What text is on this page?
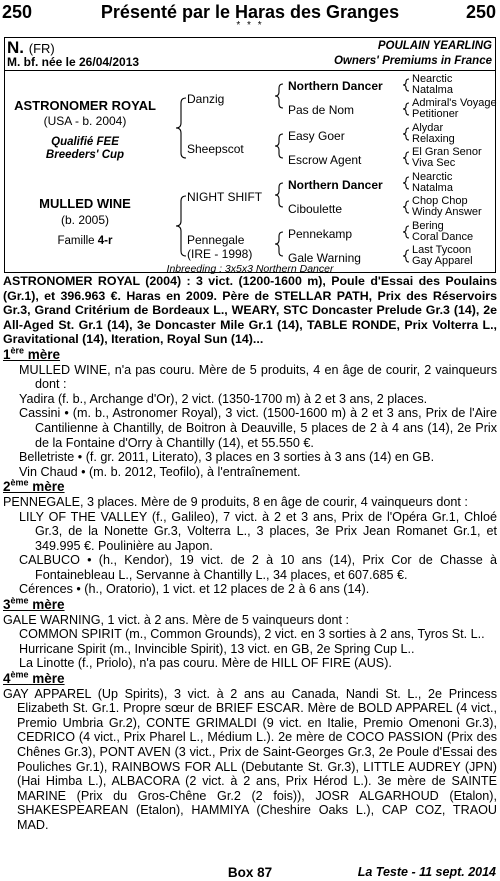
250	Présenté par le Haras des Granges	250
* * *
N. (FR)
M. bf. née le 26/04/2013
POULAIN YEARLING
Owners' Premiums in France
ASTRONOMER ROYAL
(USA - b. 2004)
Qualifié FEE
Breeders' Cup
MULLED WINE
(b. 2005)
Famille 4-r
Danzig
Sheepscot
NIGHT SHIFT
Pennegale
(IRE - 1998)
Northern Dancer
Pas de Nom
Easy Goer
Escrow Agent
Northern Dancer
Ciboulette
Pennekamp
Gale Warning
Nearctic
Natalma
Admiral's Voyage
Petitioner
Alydar
Relaxing
El Gran Senor
Viva Sec
Nearctic
Natalma
Chop Chop
Windy Answer
Bering
Coral Dance
Last Tycoon
Gay Apparel
Inbreeding : 3x5x3 Northern Dancer

ASTRONOMER ROYAL (2004) : 3 vict. (1200-1600 m), Poule d'Essai des Poulains (Gr.1), et 396.963 €. Haras en 2009. Père de STELLAR PATH, Prix des Réservoirs Gr.3, Grand Critérium de Bordeaux L., WEARY, STC Doncaster Prelude Gr.3 (14), 2e All-Aged St. Gr.1 (14), 3e Doncaster Mile Gr.1 (14), TABLE RONDE, Prix Volterra L., Gravitational (14), Iteration, Royal Sun (14)...

1ère mère

MULLED WINE, n'a pas couru. Mère de 5 produits, 4 en âge de courir, 2 vainqueurs dont :

Yadira (f. b., Archange d'Or), 2 vict. (1350-1700 m) à 2 et 3 ans, 2 places.

Cassini • (m. b., Astronomer Royal), 3 vict. (1500-1600 m) à 2 et 3 ans, Prix de l'Aire Cantilienne à Chantilly, de Boitron à Deauville, 5 places de 2 à 4 ans (14), 2e Prix de la Fontaine d'Orry à Chantilly (14), et 55.550 €.

Belletriste • (f. gr. 2011, Literato), 3 places en 3 sorties à 3 ans (14) en GB.

Vin Chaud • (m. b. 2012, Teofilo), à l'entraînement.

2ème mère

PENNEGALE, 3 places. Mère de 9 produits, 8 en âge de courir, 4 vainqueurs dont :

LILY OF THE VALLEY (f., Galileo), 7 vict. à 2 et 3 ans, Prix de l'Opéra Gr.1, Chloé Gr.3, de la Nonette Gr.3, Volterra L., 3 places, 3e Prix Jean Romanet Gr.1, et 349.995 €. Poulinière au Japon.

CALBUCO • (h., Kendor), 19 vict. de 2 à 10 ans (14), Prix Cor de Chasse à Fontainebleau L., Servanne à Chantilly L., 34 places, et 607.685 €.

Cérences • (h., Oratorio), 1 vict. et 12 places de 2 à 6 ans (14).

3ème mère

GALE WARNING, 1 vict. à 2 ans. Mère de 5 vainqueurs dont :

COMMON SPIRIT (m., Common Grounds), 2 vict. en 3 sorties à 2 ans, Tyros St. L..

Hurricane Spirit (m., Invincible Spirit), 13 vict. en GB, 2e Spring Cup L..

La Linotte (f., Priolo), n'a pas couru. Mère de HILL OF FIRE (AUS).

4ème mère

GAY APPAREL (Up Spirits), 3 vict. à 2 ans au Canada, Nandi St. L., 2e Princess Elizabeth St. Gr.1. Propre sœur de BRIEF ESCAR. Mère de BOLD APPAREL (4 vict., Premio Umbria Gr.2), CONTE GRIMALDI (9 vict. en Italie, Premio Omenoni Gr.3), CEDRICO (4 vict., Prix Pharel L., Médium L.). 2e mère de COCO PASSION (Prix des Chênes Gr.3), PONT AVEN (3 vict., Prix de Saint-Georges Gr.3, 2e Poule d'Essai des Pouliches Gr.1), RAINBOWS FOR ALL (Debutante St. Gr.3), LITTLE AUDREY (JPN) (Hai Himba L.), ALBACORA (2 vict. à 2 ans, Prix Hérod L.). 3e mère de SAINTE MARINE (Prix du Gros-Chêne Gr.2 (2 fois)), JOSR ALGARHOUD (Etalon), SHAKESPEAREAN (Etalon), HAMMIYA (Cheshire Oaks L.), CAP COZ, TRAOU MAD.

Box 87	La Teste - 11 sept. 2014
